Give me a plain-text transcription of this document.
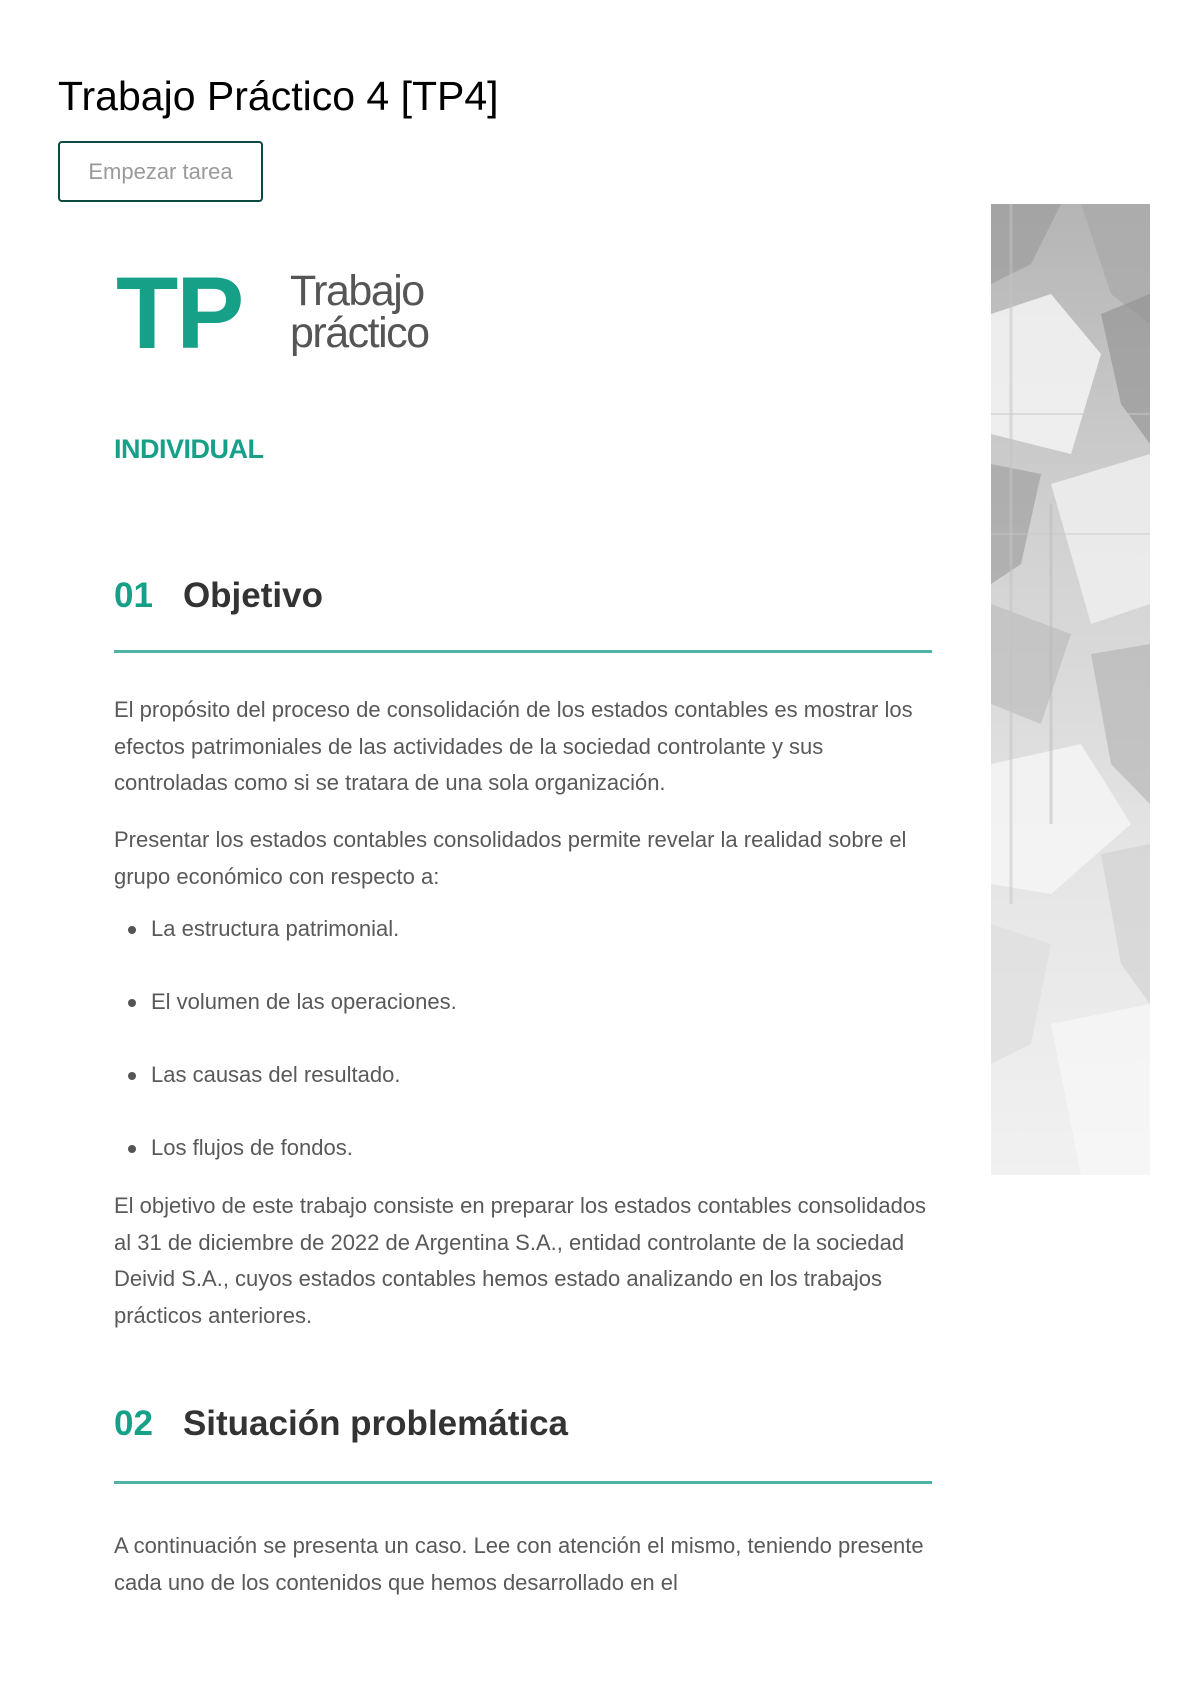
Trabajo Práctico 4 [TP4]
Empezar tarea
TP Trabajo
práctico
INDIVIDUAL
01 Objetivo

El propósito del proceso de consolidación de los estados contables es mostrar los efectos patrimoniales de las actividades de la sociedad controlante y sus controladas como si se tratara de una sola organización.

Presentar los estados contables consolidados permite revelar la realidad sobre el grupo económico con respecto a:

La estructura patrimonial.
El volumen de las operaciones.
Las causas del resultado.
Los flujos de fondos.

El objetivo de este trabajo consiste en preparar los estados contables consolidados al 31 de diciembre de 2022 de Argentina S.A., entidad controlante de la sociedad Deivid S.A., cuyos estados contables hemos estado analizando en los trabajos prácticos anteriores.

02 Situación problemática

A continuación se presenta un caso. Lee con atención el mismo, teniendo presente cada uno de los contenidos que hemos desarrollado en el
